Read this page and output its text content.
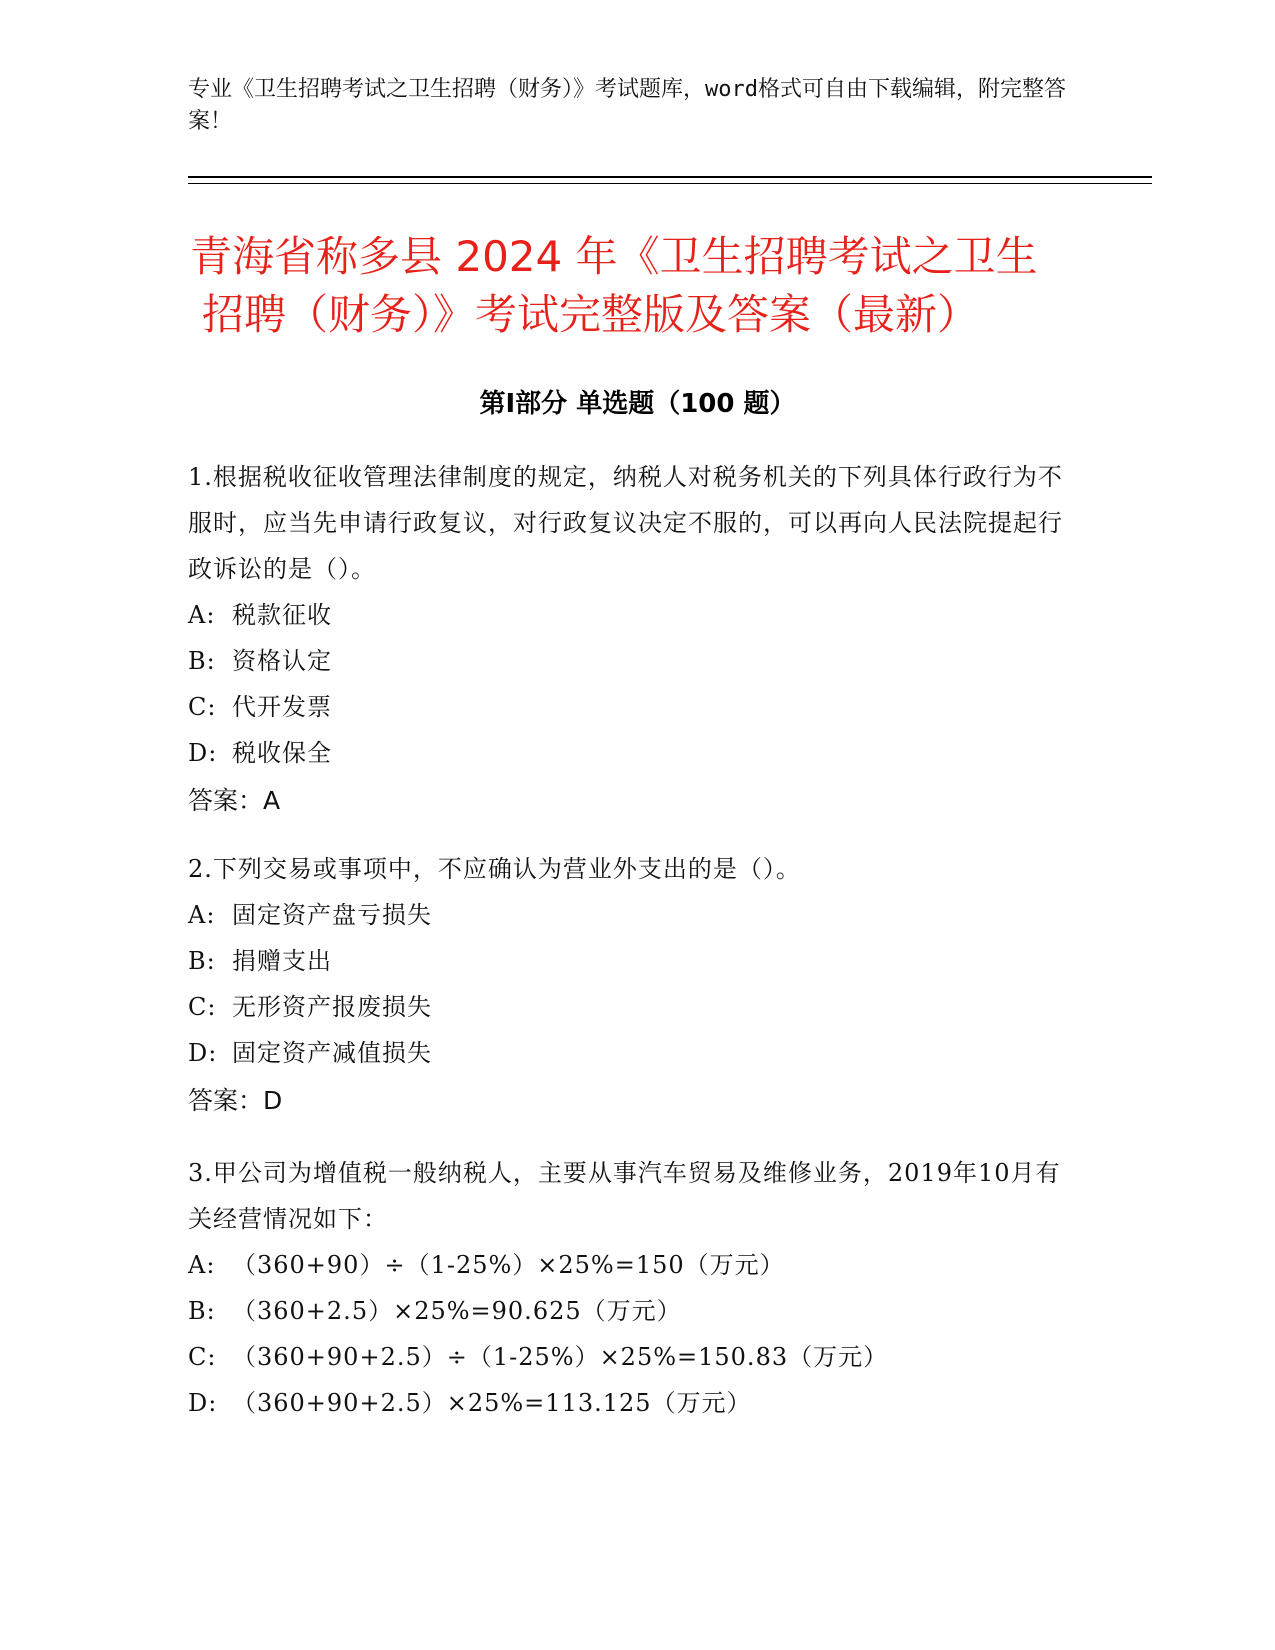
专业《卫生招聘考试之卫生招聘（财务）》考试题库，word格式可自由下载编辑，附完整答案！
青海省称多县 2024 年《卫生招聘考试之卫生
招聘（财务）》考试完整版及答案（最新）
第Ⅰ部分 单选题（100 题）
1.根据税收征收管理法律制度的规定，纳税人对税务机关的下列具体行政行为不服时，应当先申请行政复议，对行政复议决定不服的，可以再向人民法院提起行政诉讼的是（）。
A: 税款征收
B: 资格认定
C: 代开发票
D: 税收保全
答案：A
2.下列交易或事项中，不应确认为营业外支出的是（）。
A: 固定资产盘亏损失
B: 捐赠支出
C: 无形资产报废损失
D: 固定资产减值损失
答案：D
3.甲公司为增值税一般纳税人，主要从事汽车贸易及维修业务，2019年10月有关经营情况如下：
A: （360+90）÷（1-25%）×25%=150（万元）
B: （360+2.5）×25%=90.625（万元）
C: （360+90+2.5）÷（1-25%）×25%=150.83（万元）
D: （360+90+2.5）×25%=113.125（万元）
